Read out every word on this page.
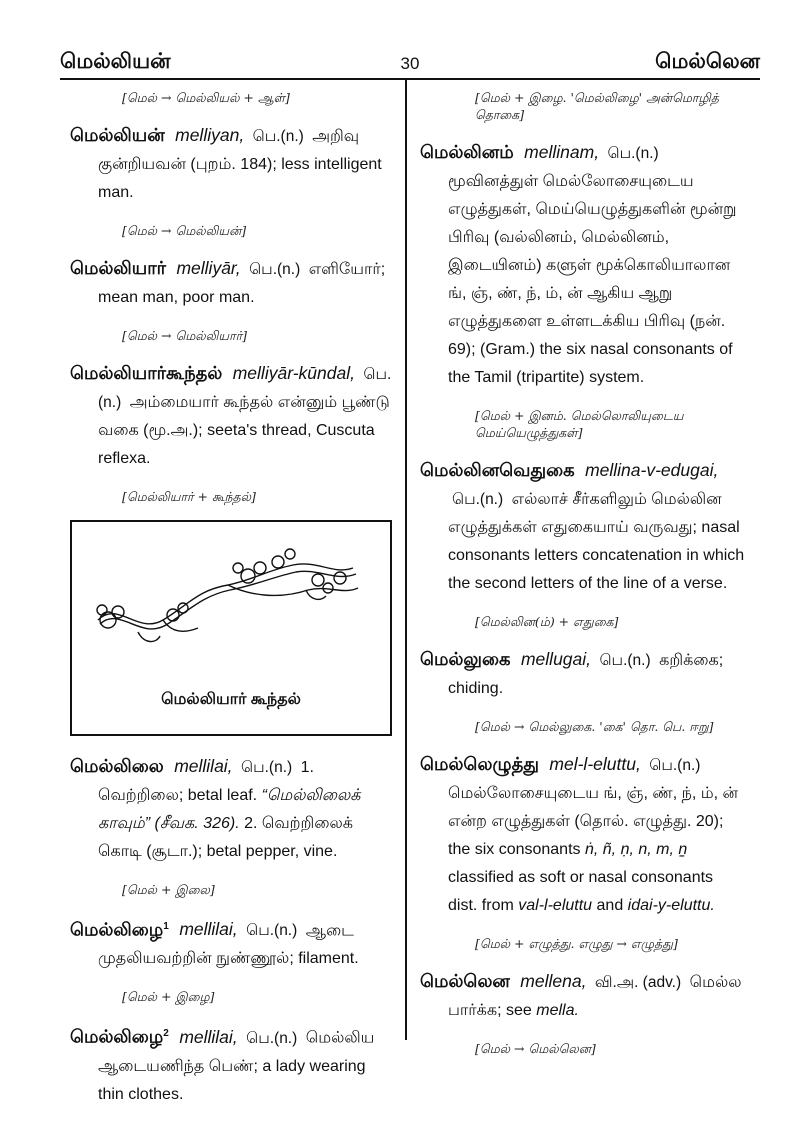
மெல்லியன்	30	மெல்லென
[மெல் → மெல்லியல் + ஆள்]
மெல்லியன் melliyan, பெ.(n.) அறிவு குன்றியவன் (புறம். 184); less intelligent man.
[மெல் → மெல்லியன்]
மெல்லியார் melliyār, பெ.(n.) எளியோர்; mean man, poor man.
[மெல் → மெல்லியார்]
மெல்லியார்கூந்தல் melliyār-kūndal, பெ.(n.) அம்மையார் கூந்தல் என்னும் பூண்டு வகை (மூ.அ.); seeta's thread, Cuscuta reflexa.
[மெல்லியார் + கூந்தல்]
மெல்லியார் கூந்தல்
மெல்லிலை mellilai, பெ.(n.) 1. வெற்றிலை; betal leaf. “மெல்லிலைக் காவும்” (சீவக. 326). 2. வெற்றிலைக் கொடி (சூடா.); betal pepper, vine.
[மெல் + இலை]
மெல்லிழை$^1$ mellilai, பெ.(n.) ஆடை முதலியவற்றின் நுண்ணூல்; filament.
[மெல் + இழை]
மெல்லிழை$^2$ mellilai, பெ.(n.) மெல்லிய ஆடையணிந்த பெண்; a lady wearing thin clothes.
[மெல் + இழை. 'மெல்லிழை' அன்மொழித் தொகை]
மெல்லினம் mellinam, பெ.(n.) மூவினத்துள் மெல்லோசையுடைய எழுத்துகள், மெய்யெழுத்துகளின் மூன்று பிரிவு (வல்லினம், மெல்லினம், இடையினம்) களுள் மூக்கொலியாலான ங், ஞ், ண், ந், ம், ன் ஆகிய ஆறு எழுத்துகளை உள்ளடக்கிய பிரிவு (நன். 69); (Gram.) the six nasal consonants of the Tamil (tripartite) system.
[மெல் + இனம். மெல்லொலியுடைய மெய்யெழுத்துகள்]
மெல்லினவெதுகை mellina-v-edugai, பெ.(n.) எல்லாச் சீர்களிலும் மெல்லின எழுத்துக்கள் எதுகையாய் வருவது; nasal consonants letters concatenation in which the second letters of the line of a verse.
[மெல்லின(ம்) + எதுகை]
மெல்லுகை mellugai, பெ.(n.) கறிக்கை; chiding.
[மெல் → மெல்லுகை. 'கை' தொ. பெ. ஈறு]
மெல்லெழுத்து mel-l-eluttu, பெ.(n.) மெல்லோசையுடைய ங், ஞ், ண், ந், ம், ன் என்ற எழுத்துகள் (தொல். எழுத்து. 20); the six consonants ṅ, ñ, ṇ, n, m, ṉ classified as soft or nasal consonants dist. from val-l-eluttu and idai-y-eluttu.
[மெல் + எழுத்து. எழுது → எழுத்து]
மெல்லென mellena, வி.அ. (adv.) மெல்ல பார்க்க; see mella.
[மெல் → மெல்லென]
